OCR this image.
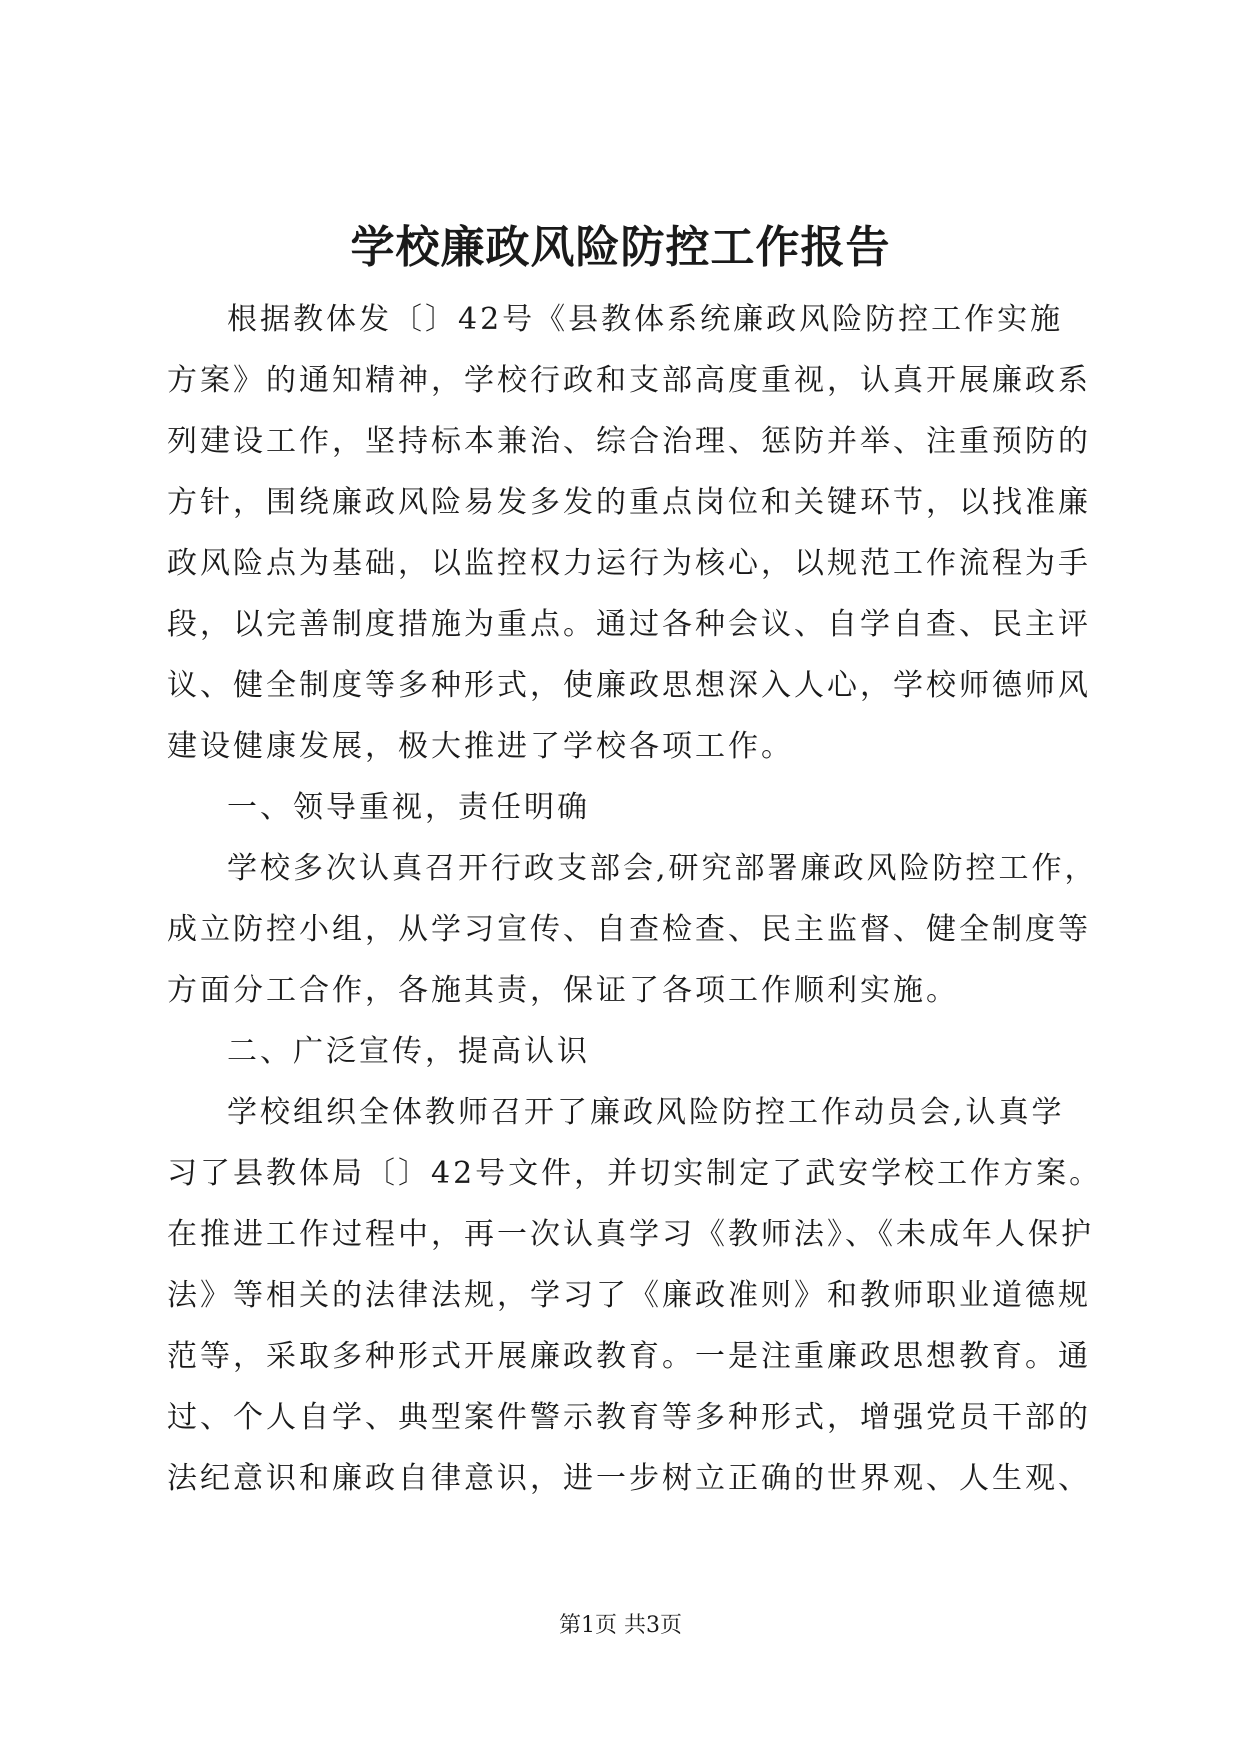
学校廉政风险防控工作报告
根据教体发〔〕42号《县教体系统廉政风险防控工作实施
方案》的通知精神，学校行政和支部高度重视，认真开展廉政系
列建设工作，坚持标本兼治、综合治理、惩防并举、注重预防的
方针，围绕廉政风险易发多发的重点岗位和关键环节，以找准廉
政风险点为基础，以监控权力运行为核心，以规范工作流程为手
段，以完善制度措施为重点。通过各种会议、自学自查、民主评
议、健全制度等多种形式，使廉政思想深入人心，学校师德师风
建设健康发展，极大推进了学校各项工作。
一、领导重视，责任明确
学校多次认真召开行政支部会,研究部署廉政风险防控工作，
成立防控小组，从学习宣传、自查检查、民主监督、健全制度等
方面分工合作，各施其责，保证了各项工作顺利实施。
二、广泛宣传，提高认识
学校组织全体教师召开了廉政风险防控工作动员会,认真学
习了县教体局〔〕42号文件，并切实制定了武安学校工作方案。
在推进工作过程中，再一次认真学习《教师法》、《未成年人保护
法》等相关的法律法规，学习了《廉政准则》和教师职业道德规
范等，采取多种形式开展廉政教育。一是注重廉政思想教育。通
过、个人自学、典型案件警示教育等多种形式，增强党员干部的
法纪意识和廉政自律意识，进一步树立正确的世界观、人生观、
第1页 共3页
